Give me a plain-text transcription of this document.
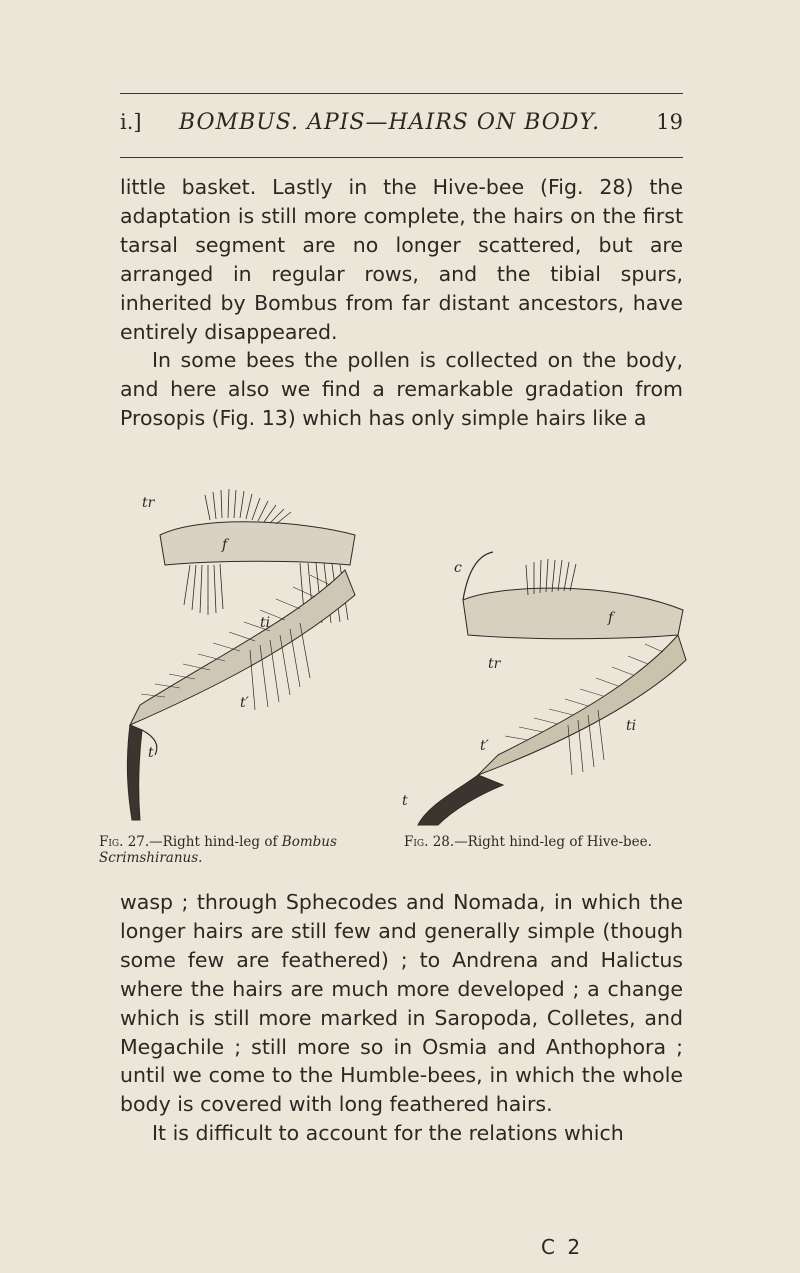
i.]	BOMBUS. APIS—HAIRS ON BODY.	19

little basket. Lastly in the Hive-bee (Fig. 28) the adaptation is still more complete, the hairs on the first tarsal segment are no longer scattered, but are arranged in regular rows, and the tibial spurs, inherited by Bombus from far distant ancestors, have entirely disappeared.

In some bees the pollen is collected on the body, and here also we find a remarkable gradation from Prosopis (Fig. 13) which has only simple hairs like a

tr
f
ti
t′
t
c
f
tr
ti
t′
t
Fig. 27.—Right hind-leg of Bombus Scrimshiranus.
Fig. 28.—Right hind-leg of Hive-bee.

wasp ; through Sphecodes and Nomada, in which the longer hairs are still few and generally simple (though some few are feathered) ; to Andrena and Halictus where the hairs are much more developed ; a change which is still more marked in Saropoda, Colletes, and Megachile ; still more so in Osmia and Anthophora ; until we come to the Humble-bees, in which the whole body is covered with long feathered hairs.

It is difficult to account for the relations which

C 2
